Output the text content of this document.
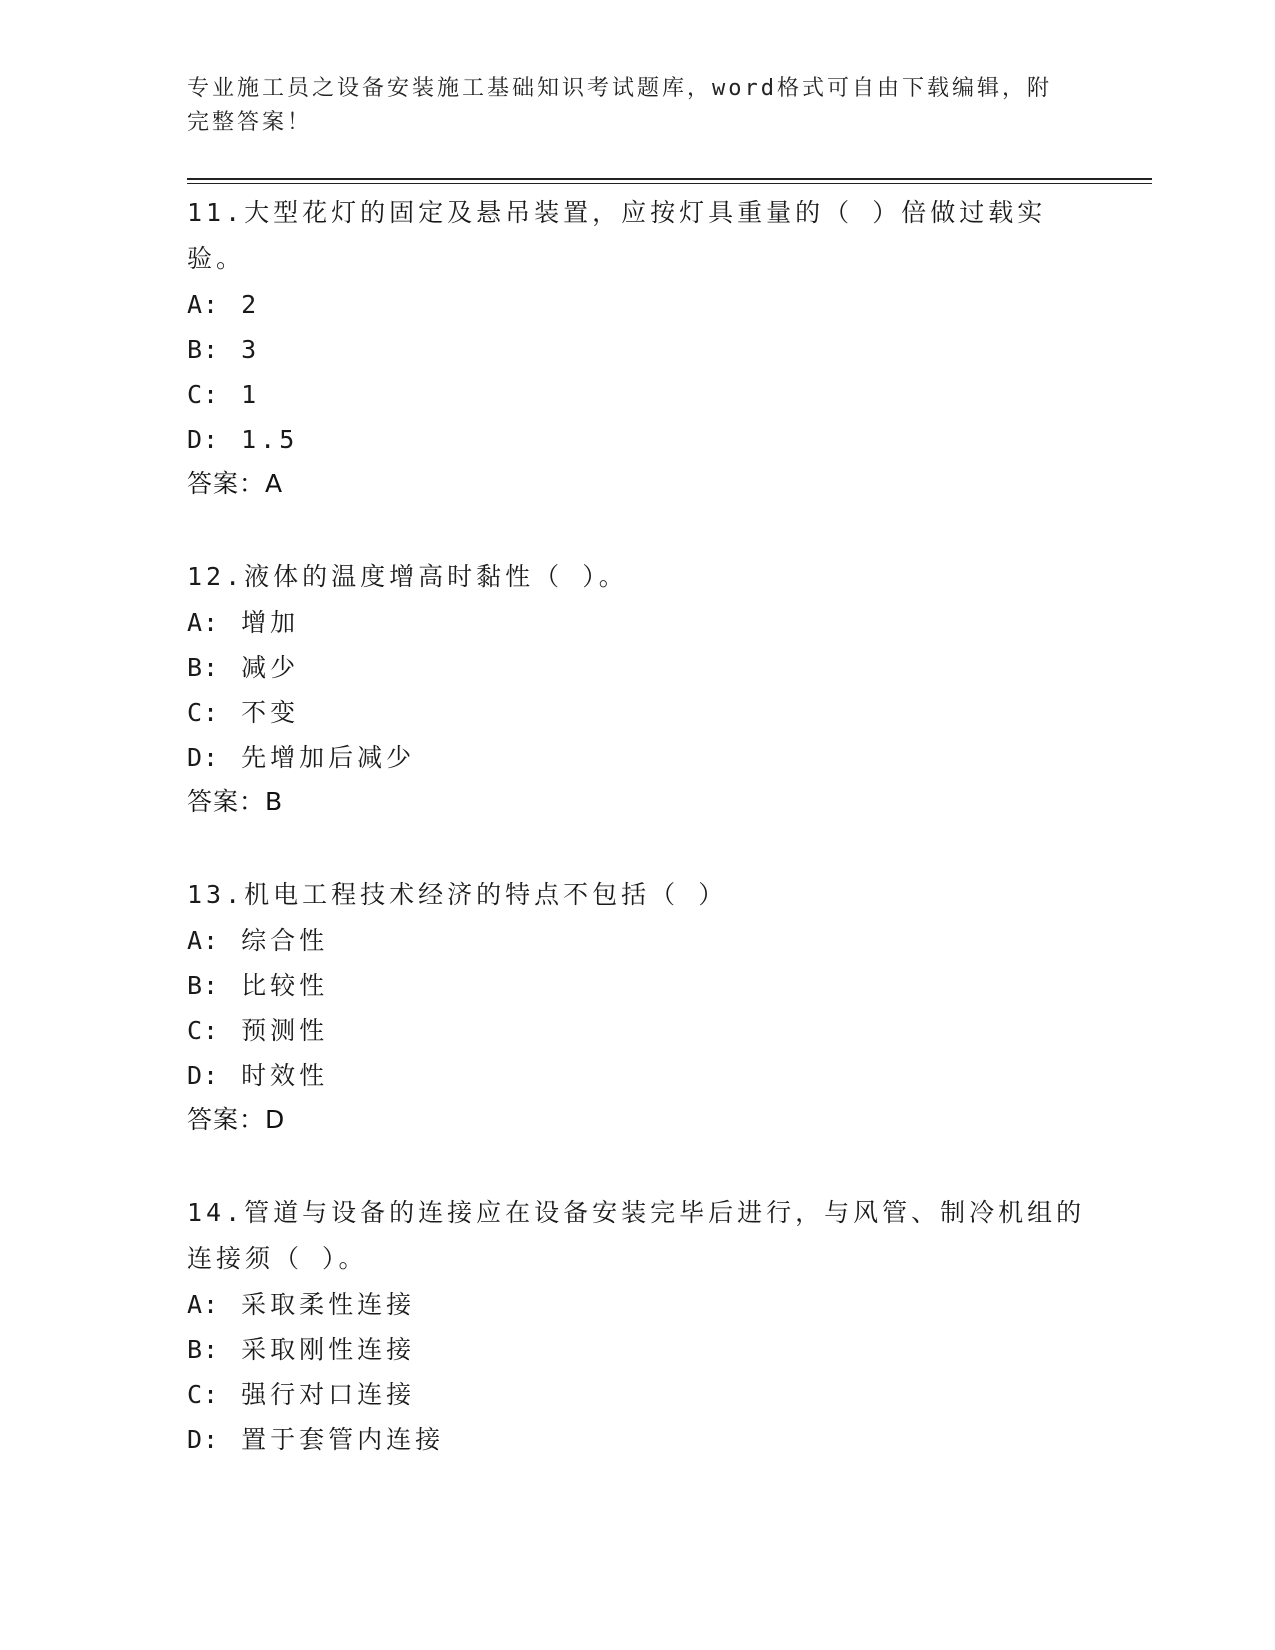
专业施工员之设备安装施工基础知识考试题库，word格式可自由下载编辑，附完整答案！
11.大型花灯的固定及悬吊装置，应按灯具重量的（ ）倍做过载实验。
A: 2
B: 3
C: 1
D: 1.5
答案：A
12.液体的温度增高时黏性（ ）。
A: 增加
B: 减少
C: 不变
D: 先增加后减少
答案：B
13.机电工程技术经济的特点不包括（ ）
A: 综合性
B: 比较性
C: 预测性
D: 时效性
答案：D
14.管道与设备的连接应在设备安装完毕后进行，与风管、制冷机组的连接须（ ）。
A: 采取柔性连接
B: 采取刚性连接
C: 强行对口连接
D: 置于套管内连接
